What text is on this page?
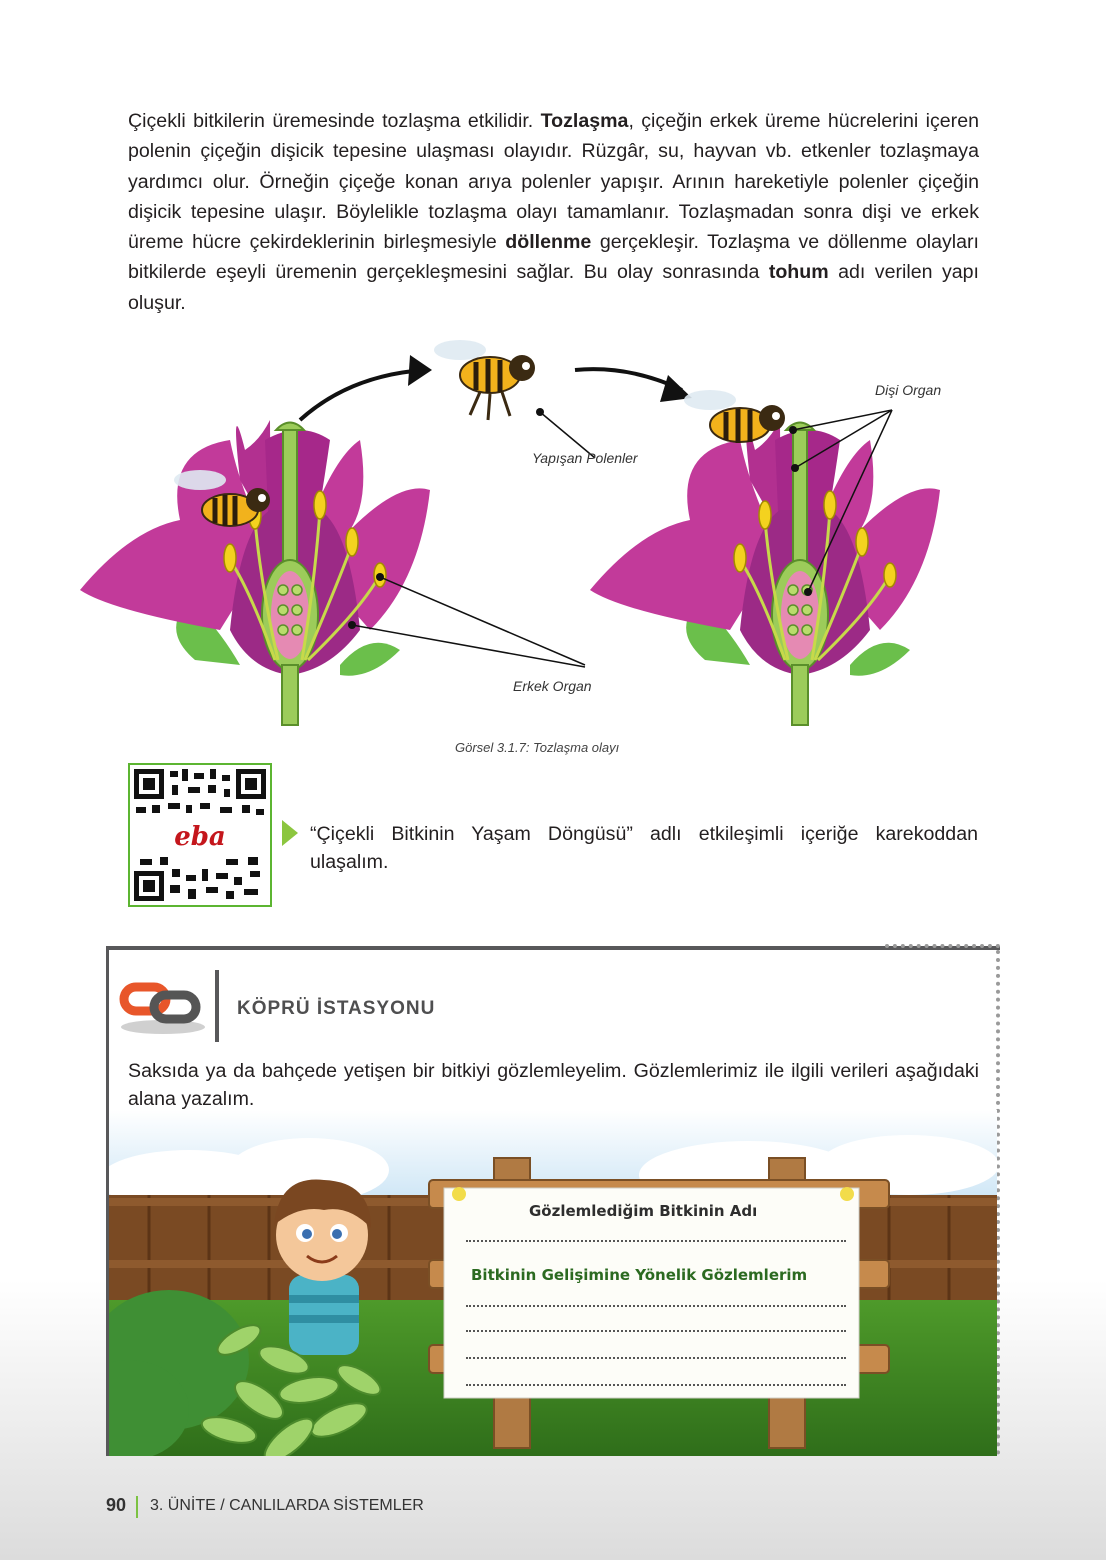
Çiçekli bitkilerin üremesinde tozlaşma etkilidir. Tozlaşma, çiçeğin erkek üreme hücrelerini içeren polenin çiçeğin dişicik tepesine ulaşması olayıdır. Rüzgâr, su, hayvan vb. etkenler tozlaşmaya yardımcı olur. Örneğin çiçeğe konan arıya polenler yapışır. Arının hareketiyle polenler çiçeğin dişicik tepesine ulaşır. Böylelikle tozlaşma olayı tamamlanır. Tozlaşmadan sonra dişi ve erkek üreme hücre çekirdeklerinin birleşmesiyle döllenme gerçekleşir. Tozlaşma ve döllenme olayları bitkilerde eşeyli üremenin gerçekleşmesini sağlar. Bu olay sonrasında tohum adı verilen yapı oluşur.

Dişi Organ
Yapışan Polenler
Erkek Organ
Görsel 3.1.7: Tozlaşma olayı
eba	“Çiçekli Bitkinin Yaşam Döngüsü” adlı etkileşimli içeriğe karekoddan ulaşalım.

KÖPRÜ İSTASYONU

Saksıda ya da bahçede yetişen bir bitkiyi gözlemleyelim. Gözlemlerimiz ile ilgili verileri aşağıdaki alana yazalım.

Gözlemlediğim Bitkinin Adı
Bitkinin Gelişimine Yönelik Gözlemlerim
90 3. ÜNİTE / CANLILARDA SİSTEMLER
